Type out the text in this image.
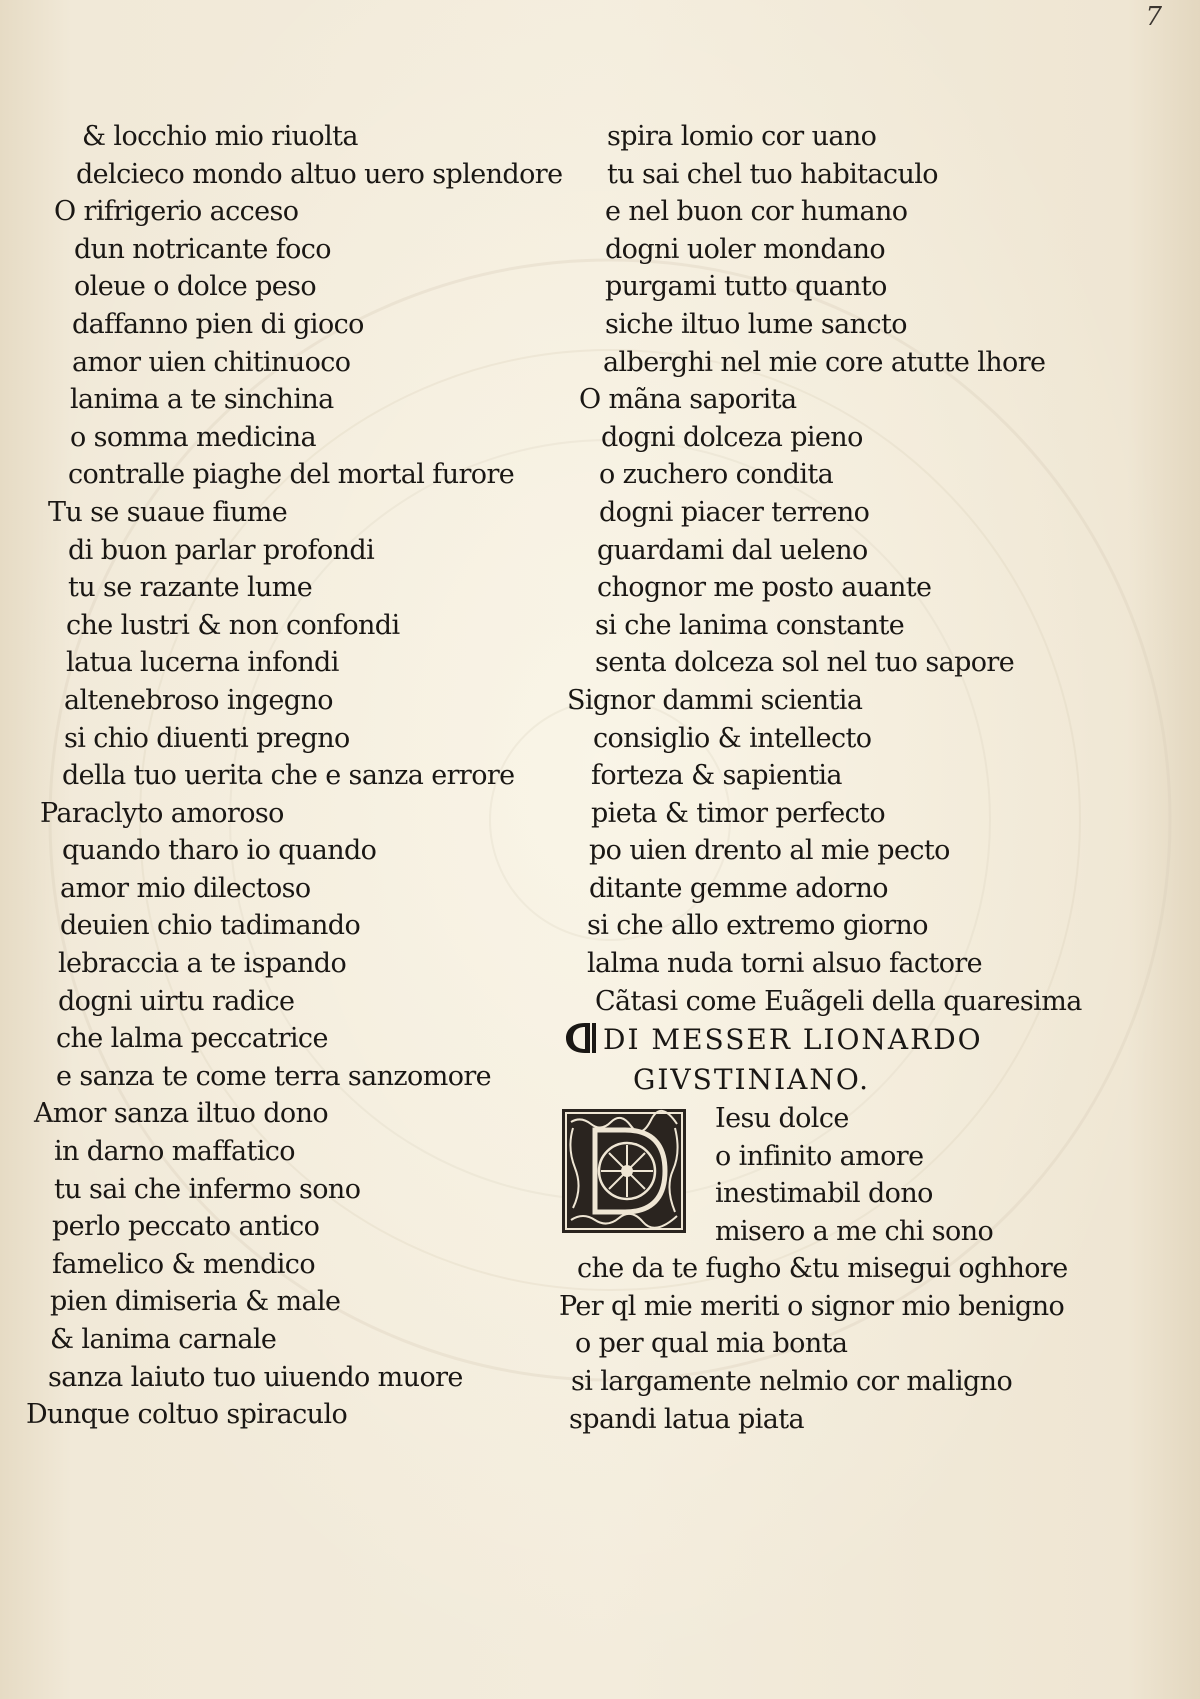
7
& locchio mio riuolta
delcieco mondo altuo uero splendore
O rifrigerio acceso
dun notricante foco
oleue o dolce peso
daffanno pien di gioco
amor uien chitinuoco
lanima a te sinchina
o somma medicina
contralle piaghe del mortal furore
Tu se suaue fiume
di buon parlar profondi
tu se razante lume
che lustri & non confondi
latua lucerna infondi
altenebroso ingegno
si chio diuenti pregno
della tuo uerita che e sanza errore
Paraclyto amoroso
quando tharo io quando
amor mio dilectoso
deuien chio tadimando
lebraccia a te ispando
dogni uirtu radice
che lalma peccatrice
e sanza te come terra sanzomore
Amor sanza iltuo dono
in darno maffatico
tu sai che infermo sono
perlo peccato antico
famelico & mendico
pien dimiseria & male
& lanima carnale
sanza laiuto tuo uiuendo muore
Dunque coltuo spiraculo
spira lomio cor uano
tu sai chel tuo habitaculo
e nel buon cor humano
dogni uoler mondano
purgami tutto quanto
siche iltuo lume sancto
alberghi nel mie core atutte lhore
O mãna saporita
dogni dolceza pieno
o zuchero condita
dogni piacer terreno
guardami dal ueleno
chognor me posto auante
si che lanima constante
senta dolceza sol nel tuo sapore
Signor dammi scientia
consiglio & intellecto
forteza & sapientia
pieta & timor perfecto
po uien drento al mie pecto
ditante gemme adorno
si che allo extremo giorno
lalma nuda torni alsuo factore
Cãtasi come Euãgeli della quaresima
DI MESSER LIONARDO
GIVSTINIANO.
Iesu dolce
o infinito amore
inestimabil dono
misero a me chi sono
che da te fugho &tu misegui oghhore
Per ql mie meriti o signor mio benigno
o per qual mia bonta
si largamente nelmio cor maligno
spandi latua piata
